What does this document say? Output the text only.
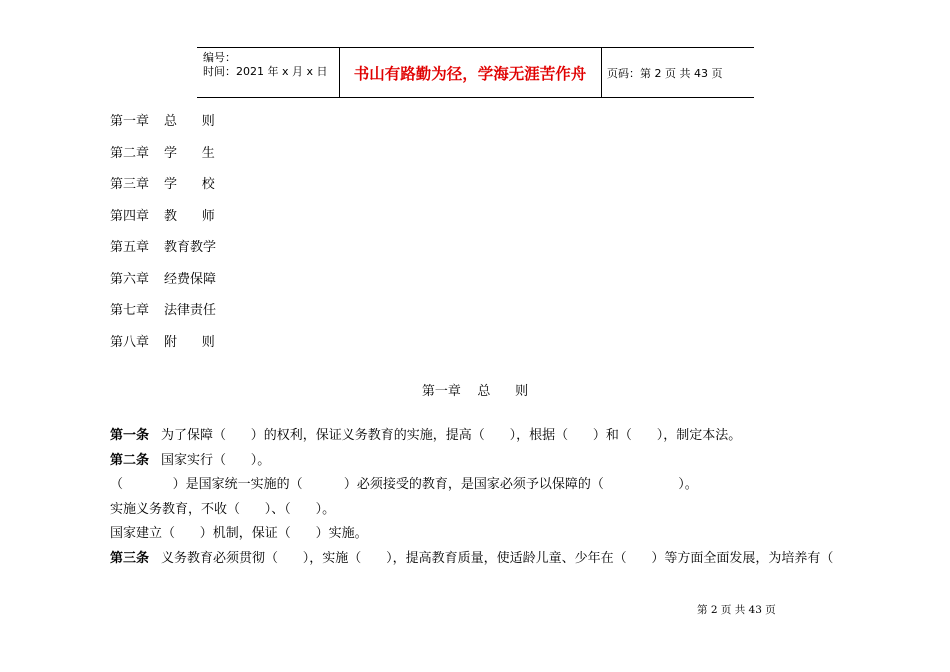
编号：
时间：2021 年 x 月 x 日	书山有路勤为径，学海无涯苦作舟	页码：第 2 页 共 43 页
第一章 总      则
第二章 学      生
第三章 学      校
第四章 教      师
第五章 教育教学
第六章 经费保障
第七章 法律责任
第八章 附      则
第一章    总      则
第一条 为了保障（      ）的权利，保证义务教育的实施，提高（      ），根据（      ）和（      ），制定本法。
第二条 国家实行（      ）。
（            ）是国家统一实施的（          ）必须接受的教育，是国家必须予以保障的（                  ）。
实施义务教育，不收（      ）、（      ）。
国家建立（      ）机制，保证（      ）实施。
第三条 义务教育必须贯彻（      ），实施（      ），提高教育质量，使适龄儿童、少年在（      ）等方面全面发展，为培养有（
第 2 页 共 43 页
